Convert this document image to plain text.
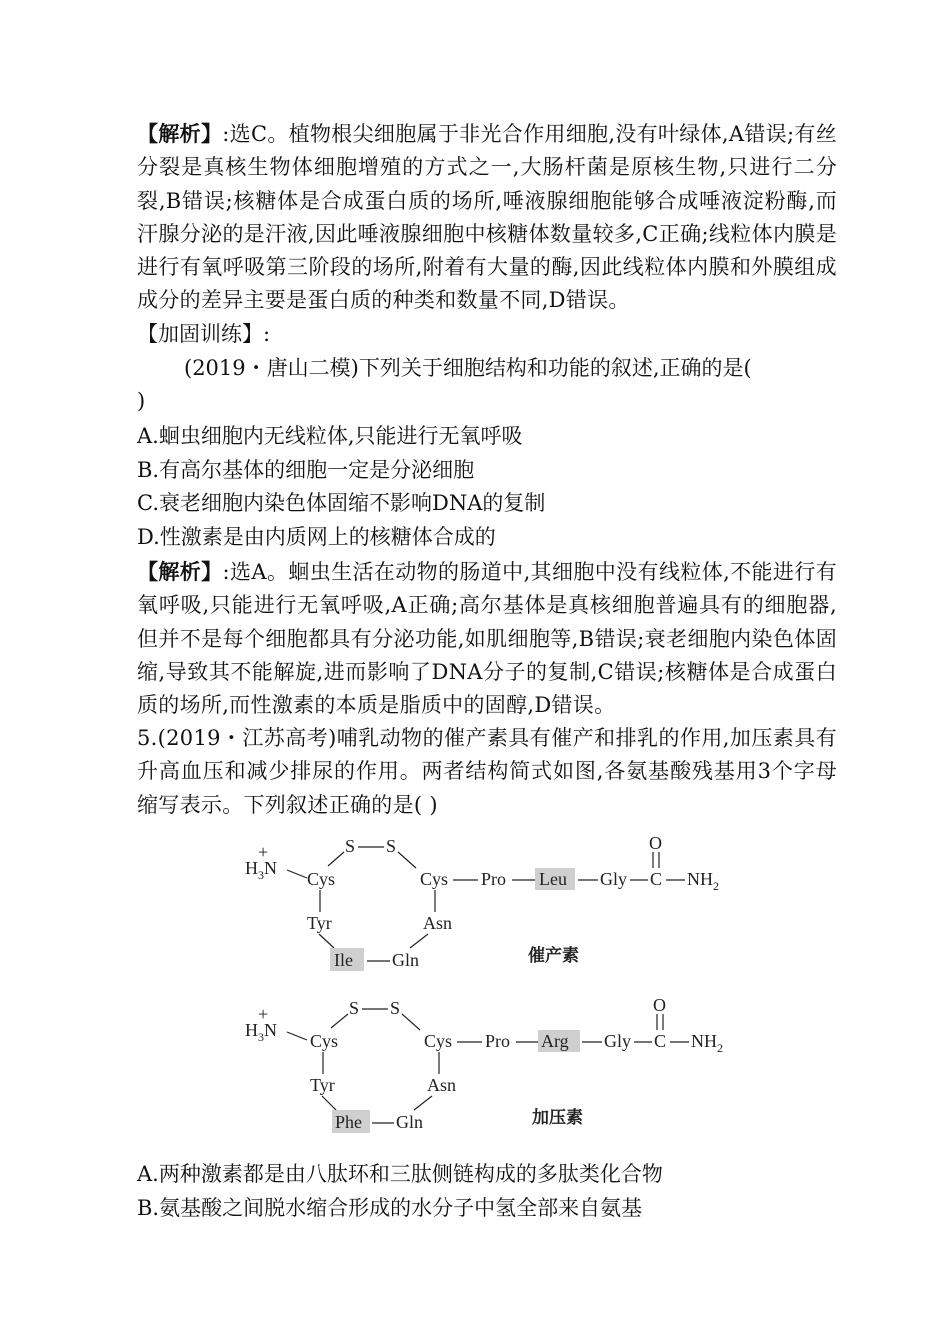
【解析】:选C。植物根尖细胞属于非光合作用细胞,没有叶绿体,A错误;有丝分裂是真核生物体细胞增殖的方式之一,大肠杆菌是原核生物,只进行二分裂,B错误;核糖体是合成蛋白质的场所,唾液腺细胞能够合成唾液淀粉酶,而汗腺分泌的是汗液,因此唾液腺细胞中核糖体数量较多,C正确;线粒体内膜是进行有氧呼吸第三阶段的场所,附着有大量的酶,因此线粒体内膜和外膜组成成分的差异主要是蛋白质的种类和数量不同,D错误。
【加固训练】:
(2019・唐山二模)下列关于细胞结构和功能的叙述,正确的是(
)
A.蛔虫细胞内无线粒体,只能进行无氧呼吸
B.有高尔基体的细胞一定是分泌细胞
C.衰老细胞内染色体固缩不影响DNA的复制
D.性激素是由内质网上的核糖体合成的
【解析】:选A。蛔虫生活在动物的肠道中,其细胞中没有线粒体,不能进行有氧呼吸,只能进行无氧呼吸,A正确;高尔基体是真核细胞普遍具有的细胞器,但并不是每个细胞都具有分泌功能,如肌细胞等,B错误;衰老细胞内染色体固缩,导致其不能解旋,进而影响了DNA分子的复制,C错误;核糖体是合成蛋白质的场所,而性激素的本质是脂质中的固醇,D错误。
5.(2019・江苏高考)哺乳动物的催产素具有催产和排乳的作用,加压素具有升高血压和减少排尿的作用。两者结构简式如图,各氨基酸残基用3个字母缩写表示。下列叙述正确的是( )
$H_3N$
+	S S
Cys	Cys
Tyr
Ile Gln
Asn
Pro Leu Gly C
O
$NH_2$
催产素
$H_3N$
+	S S
Cys	Cys
Tyr
Phe Gln
Asn
Pro Arg Gly C
O
$NH_2$
加压素
A.两种激素都是由八肽环和三肽侧链构成的多肽类化合物
B.氨基酸之间脱水缩合形成的水分子中氢全部来自氨基
